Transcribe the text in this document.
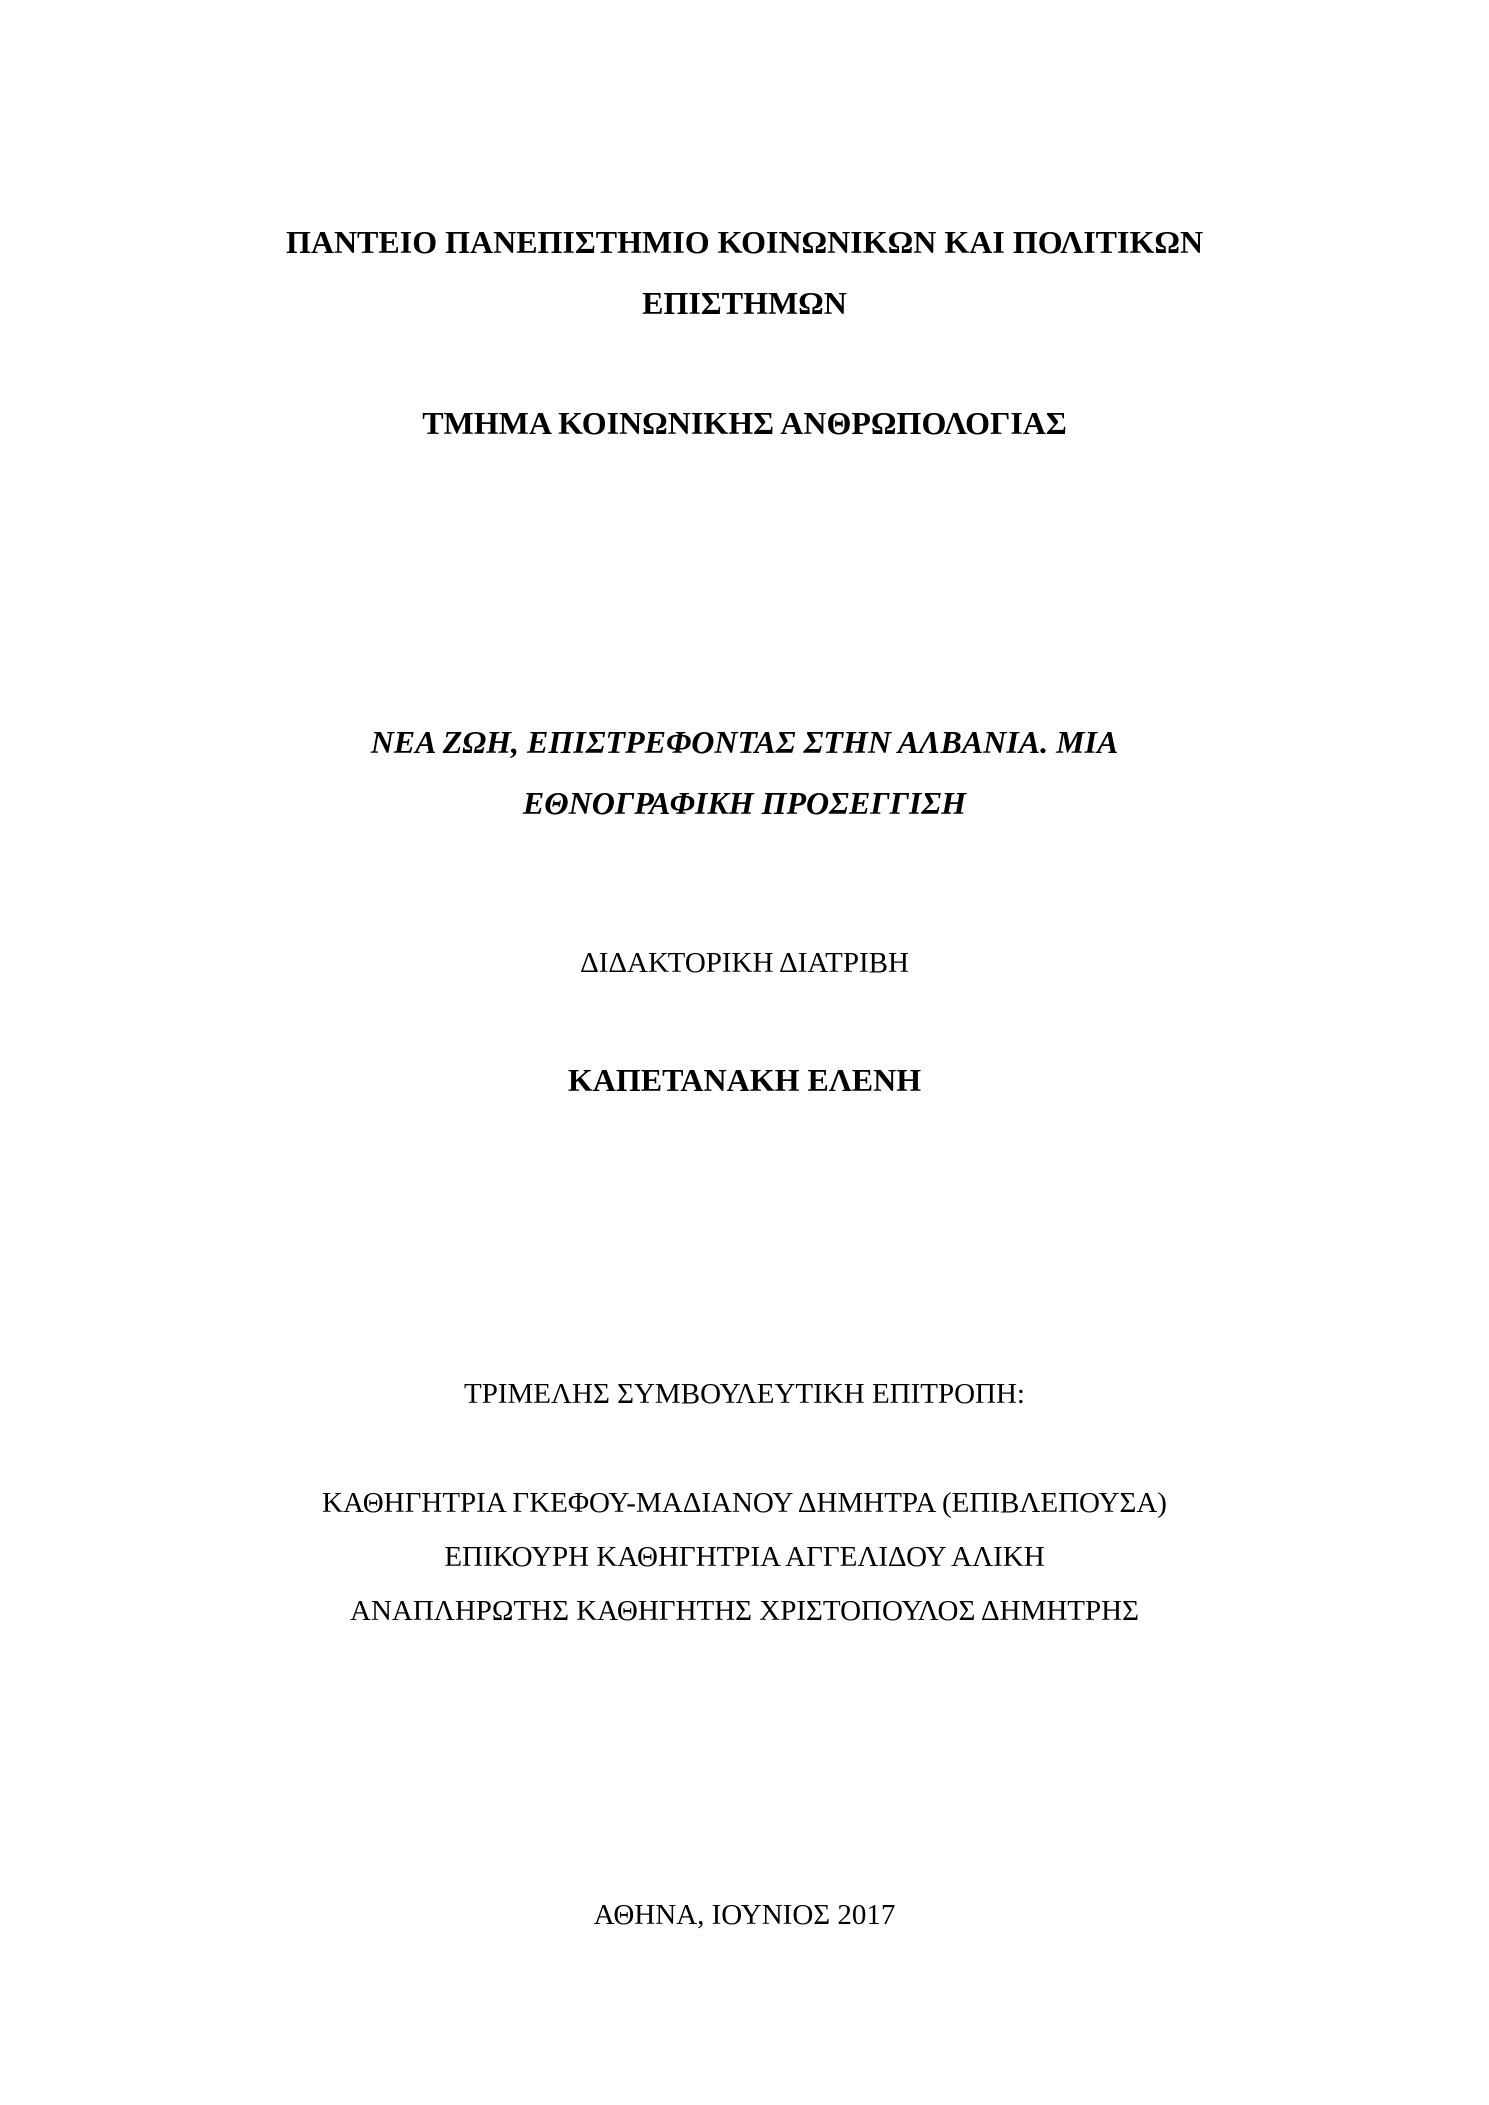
ΠΑΝΤΕΙΟ ΠΑΝΕΠΙΣΤΗΜΙΟ ΚΟΙΝΩΝΙΚΩΝ ΚΑΙ ΠΟΛΙΤΙΚΩΝ
ΕΠΙΣΤΗΜΩΝ
ΤΜΗΜΑ ΚΟΙΝΩΝΙΚΗΣ ΑΝΘΡΩΠΟΛΟΓΙΑΣ
ΝΕΑ ΖΩΗ, ΕΠΙΣΤΡΕΦΟΝΤΑΣ ΣΤΗΝ ΑΛΒΑΝΙΑ. ΜΙΑ
ΕΘΝΟΓΡΑΦΙΚΗ ΠΡΟΣΕΓΓΙΣΗ
ΔΙΔΑΚΤΟΡΙΚΗ ΔΙΑΤΡΙΒΗ
ΚΑΠΕΤΑΝΑΚΗ ΕΛΕΝΗ
ΤΡΙΜΕΛΗΣ ΣΥΜΒΟΥΛΕΥΤΙΚΗ ΕΠΙΤΡΟΠΗ:
ΚΑΘΗΓΗΤΡΙΑ ΓΚΕΦΟΥ-ΜΑΔΙΑΝΟΥ ΔΗΜΗΤΡΑ (ΕΠΙΒΛΕΠΟΥΣΑ)
ΕΠΙΚΟΥΡΗ ΚΑΘΗΓΗΤΡΙΑ ΑΓΓΕΛΙΔΟΥ ΑΛΙΚΗ
ΑΝΑΠΛΗΡΩΤΗΣ ΚΑΘΗΓΗΤΗΣ ΧΡΙΣΤΟΠΟΥΛΟΣ ΔΗΜΗΤΡΗΣ
ΑΘΗΝΑ, ΙΟΥΝΙΟΣ 2017
